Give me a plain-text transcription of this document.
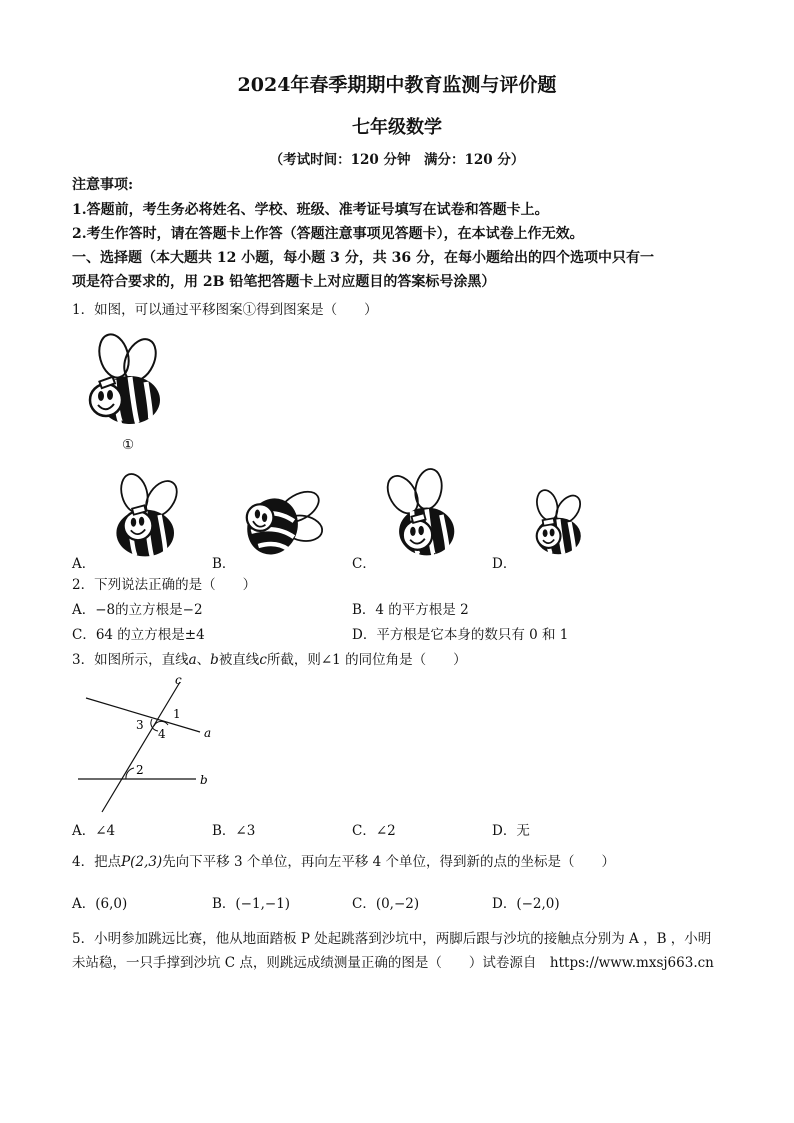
2024年春季期期中教育监测与评价题
七年级数学
（考试时间：120 分钟　满分：120 分）
注意事项:
1.答题前，考生务必将姓名、学校、班级、准考证号填写在试卷和答题卡上。
2.考生作答时，请在答题卡上作答（答题注意事项见答题卡），在本试卷上作无效。
一、选择题（本大题共 12 小题，每小题 3 分，共 36 分，在每小题给出的四个选项中只有一
项是符合要求的，用 2B 铅笔把答题卡上对应题目的答案标号涂黑）
1．如图，可以通过平移图案①得到图案是（　　）
①
A．	B．	C．	D．
2．下列说法正确的是（　　）
A．−8的立方根是−2	B．4 的平方根是 2
C．64 的立方根是±4	D．平方根是它本身的数只有 0 和 1
3．如图所示，直线a、b被直线c所截，则∠1 的同位角是（　　）
c
a
b
1
3
4
2
A．∠4	B．∠3	C．∠2	D．无
4．把点P(2,3)先向下平移 3 个单位，再向左平移 4 个单位，得到新的点的坐标是（　　）
A．(6,0)	B．(−1,−1)	C．(0,−2)	D．(−2,0)
5．小明参加跳远比赛，他从地面踏板 P 处起跳落到沙坑中，两脚后跟与沙坑的接触点分别为 A ，B ，小明
未站稳，一只手撑到沙坑 C 点，则跳远成绩测量正确的图是（　　）试卷源自　https://www.mxsj663.cn
